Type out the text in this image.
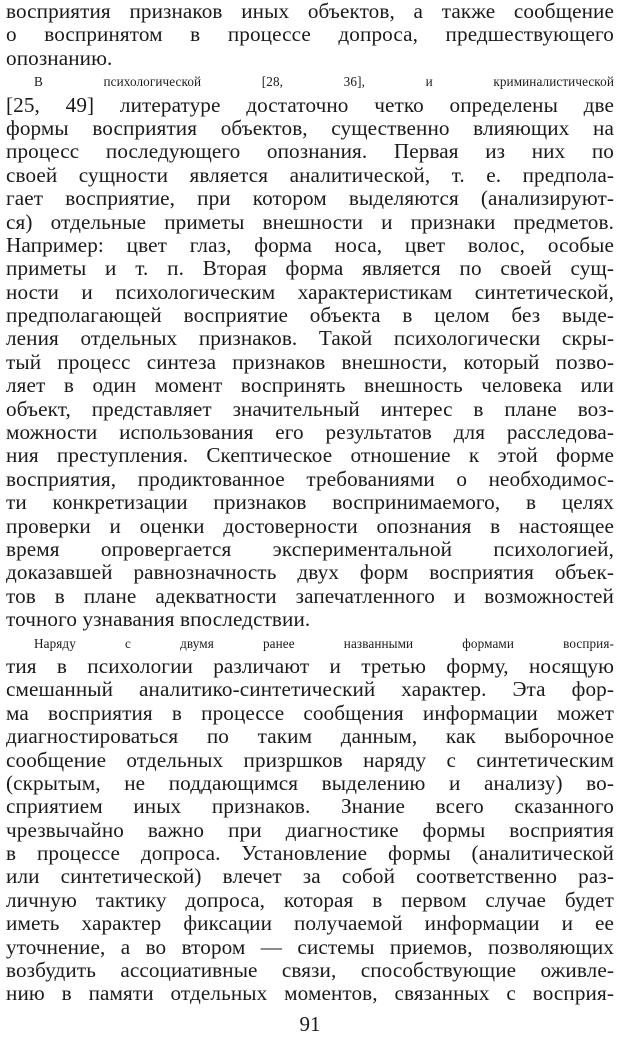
восприятия признаков иных объектов, а также сообщение
о воспринятом в процессе допроса, предшествующего
опознанию.
В психологической [28, 36], и криминалистической
[25, 49] литературе достаточно четко определены две
формы восприятия объектов, существенно влияющих на
процесс последующего опознания. Первая из них по
своей сущности является аналитической, т. е. предпола-
гает восприятие, при котором выделяются (анализируют-
ся) отдельные приметы внешности и признаки предметов.
Например: цвет глаз, форма носа, цвет волос, особые
приметы и т. п. Вторая форма является по своей сущ-
ности и психологическим характеристикам синтетической,
предполагающей восприятие объекта в целом без выде-
ления отдельных признаков. Такой психологически скры-
тый процесс синтеза признаков внешности, который позво-
ляет в один момент воспринять внешность человека или
объект, представляет значительный интерес в плане воз-
можности использования его результатов для расследова-
ния преступления. Скептическое отношение к этой форме
восприятия, продиктованное требованиями о необходимос-
ти конкретизации признаков воспринимаемого, в целях
проверки и оценки достоверности опознания в настоящее
время опровергается экспериментальной психологией,
доказавшей равнозначность двух форм восприятия объек-
тов в плане адекватности запечатленного и возможностей
точного узнавания впоследствии.
Наряду с двумя ранее названными формами восприя-
тия в психологии различают и третью форму, носящую
смешанный аналитико-синтетический характер. Эта фор-
ма восприятия в процессе сообщения информации может
диагностироваться по таким данным, как выборочное
сообщение отдельных призршков наряду с синтетическим
(скрытым, не поддающимся выделению и анализу) во-
сприятием иных признаков. Знание всего сказанного
чрезвычайно важно при диагностике формы восприятия
в процессе допроса. Установление формы (аналитической
или синтетической) влечет за собой соответственно раз-
личную тактику допроса, которая в первом случае будет
иметь характер фиксации получаемой информации и ее
уточнение, а во втором — системы приемов, позволяющих
возбудить ассоциативные связи, способствующие оживле-
нию в памяти отдельных моментов, связанных с восприя-
91
